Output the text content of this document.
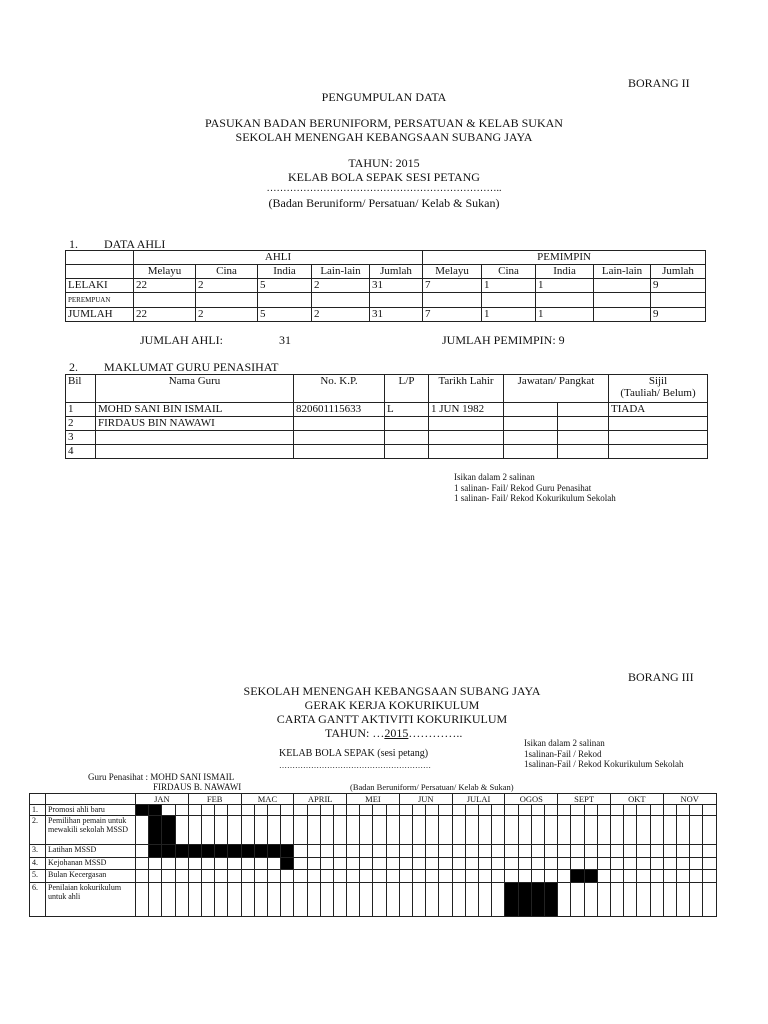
BORANG II
PENGUMPULAN DATA
PASUKAN BADAN BERUNIFORM, PERSATUAN & KELAB SUKAN
SEKOLAH MENENGAH KEBANGSAAN SUBANG JAYA
TAHUN: 2015
KELAB BOLA SEPAK SESI PETANG
……………………………………………………………..
(Badan Beruniform/ Persatuan/ Kelab & Sukan)
1. DATA AHLI
	AHLI					PEMIMPIN				
	Melayu	Cina	India	Lain-lain	Jumlah	Melayu	Cina	India	Lain-lain	Jumlah
LELAKI	22	2	5	2	31	7	1	1		9
PEREMPUAN										
JUMLAH	22	2	5	2	31	7	1	1		9
JUMLAH AHLI:	31	JUMLAH PEMIMPIN: 9
2. MAKLUMAT GURU PENASIHAT
Bil	Nama Guru	No. K.P.	L/P	Tarikh Lahir	Jawatan/ Pangkat		Sijil
(Tauliah/ Belum)

1	MOHD SANI BIN ISMAIL	820601115633	L	1 JUN 1982			TIADA
2	FIRDAUS BIN NAWAWI						
3							
4							
Isikan dalam 2 salinan
1 salinan- Fail/ Rekod Guru Penasihat
1 salinan- Fail/ Rekod Kokurikulum Sekolah
BORANG III
SEKOLAH MENENGAH KEBANGSAAN SUBANG JAYA
GERAK KERJA KOKURIKULUM
CARTA GANTT AKTIVITI KOKURIKULUM
TAHUN: …2015…………..
Isikan dalam 2 salinan
1salinan-Fail / Rekod
1salinan-Fail / Rekod Kokurikulum Sekolah
KELAB BOLA SEPAK (sesi petang)
…………………………………………………
Guru Penasihat : MOHD SANI ISMAIL
FIRDAUS B. NAWAWI	(Badan Beruniform/ Persatuan/ Kelab & Sukan)
		JAN				FEB				MAC				APRIL				MEI				JUN				JULAI				OGOS				SEPT				OKT				NOV			
1.	Promosi ahli baru																																												
2.	Pemilihan pemain untuk mewakili sekolah MSSD																																												
3.	Latihan MSSD																																												
4.	Kejohanan MSSD																																												
5.	Bulan Kecergasan																																												
6.	Penilaian kokurikulum untuk ahli																																												
